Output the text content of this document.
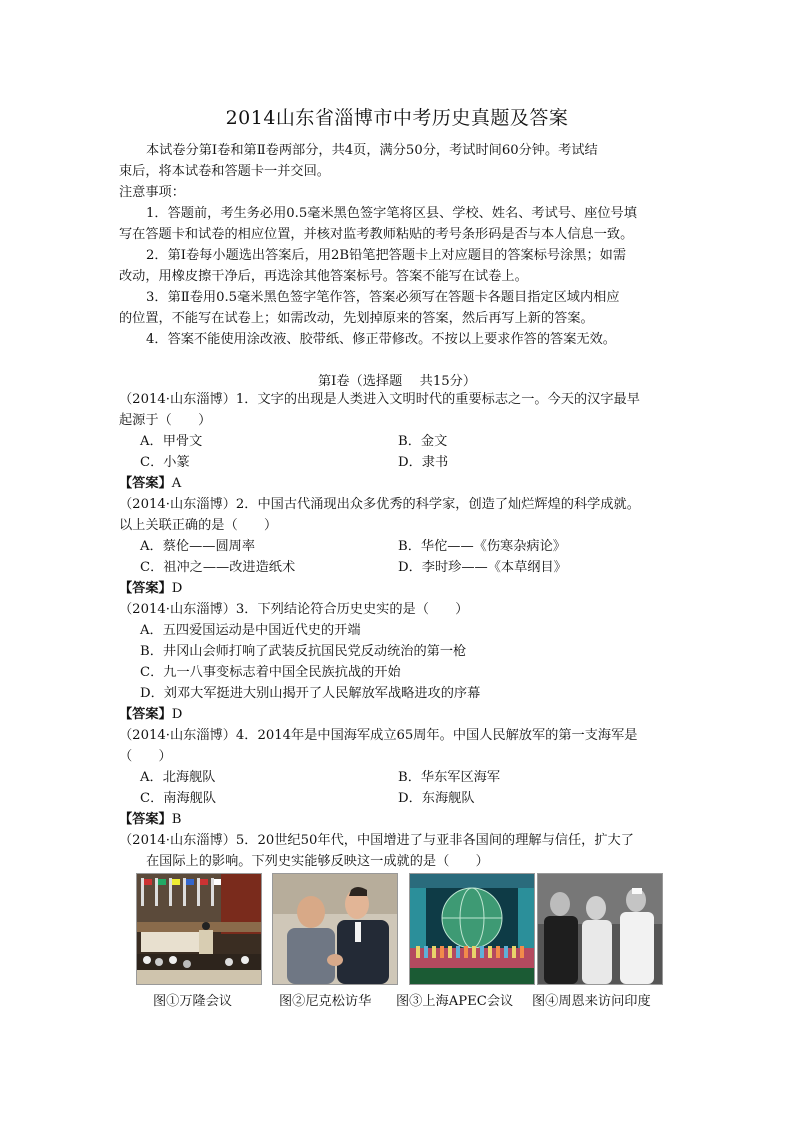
2014山东省淄博市中考历史真题及答案
本试卷分第Ⅰ卷和第Ⅱ卷两部分，共4页，满分50分，考试时间60分钟。考试结
束后，将本试卷和答题卡一并交回。
注意事项：
1．答题前，考生务必用0.5毫米黑色签字笔将区县、学校、姓名、考试号、座位号填
写在答题卡和试卷的相应位置，并核对监考教师粘贴的考号条形码是否与本人信息一致。
2．第Ⅰ卷每小题选出答案后，用2B铅笔把答题卡上对应题目的答案标号涂黑；如需
改动，用橡皮擦干净后，再选涂其他答案标号。答案不能写在试卷上。
3．第Ⅱ卷用0.5毫米黑色签字笔作答，答案必须写在答题卡各题目指定区域内相应
的位置，不能写在试卷上；如需改动，先划掉原来的答案，然后再写上新的答案。
4．答案不能使用涂改液、胶带纸、修正带修改。不按以上要求作答的答案无效。
第Ⅰ卷（选择题　 共15分）
（2014·山东淄博）1．文字的出现是人类进入文明时代的重要标志之一。今天的汉字最早
起源于（　　）
A．甲骨文	B．金文
C．小篆	D．隶书
【答案】A
（2014·山东淄博）2．中国古代涌现出众多优秀的科学家，创造了灿烂辉煌的科学成就。
以上关联正确的是（　　）
A．蔡伦——圆周率	B．华佗——《伤寒杂病论》
C．祖冲之——改进造纸术	D．李时珍——《本草纲目》
【答案】D
（2014·山东淄博）3．下列结论符合历史史实的是（　　）
A．五四爱国运动是中国近代史的开端
B．井冈山会师打响了武装反抗国民党反动统治的第一枪
C．九一八事变标志着中国全民族抗战的开始
D．刘邓大军挺进大别山揭开了人民解放军战略进攻的序幕
【答案】D
（2014·山东淄博）4．2014年是中国海军成立65周年。中国人民解放军的第一支海军是
（　　）
A．北海舰队	B．华东军区海军
C．南海舰队	D．东海舰队
【答案】B
（2014·山东淄博）5．20世纪50年代，中国增进了与亚非各国间的理解与信任，扩大了
在国际上的影响。下列史实能够反映这一成就的是（　　）
图①万隆会议	图②尼克松访华 图③上海APEC会议 图④周恩来访问印度
